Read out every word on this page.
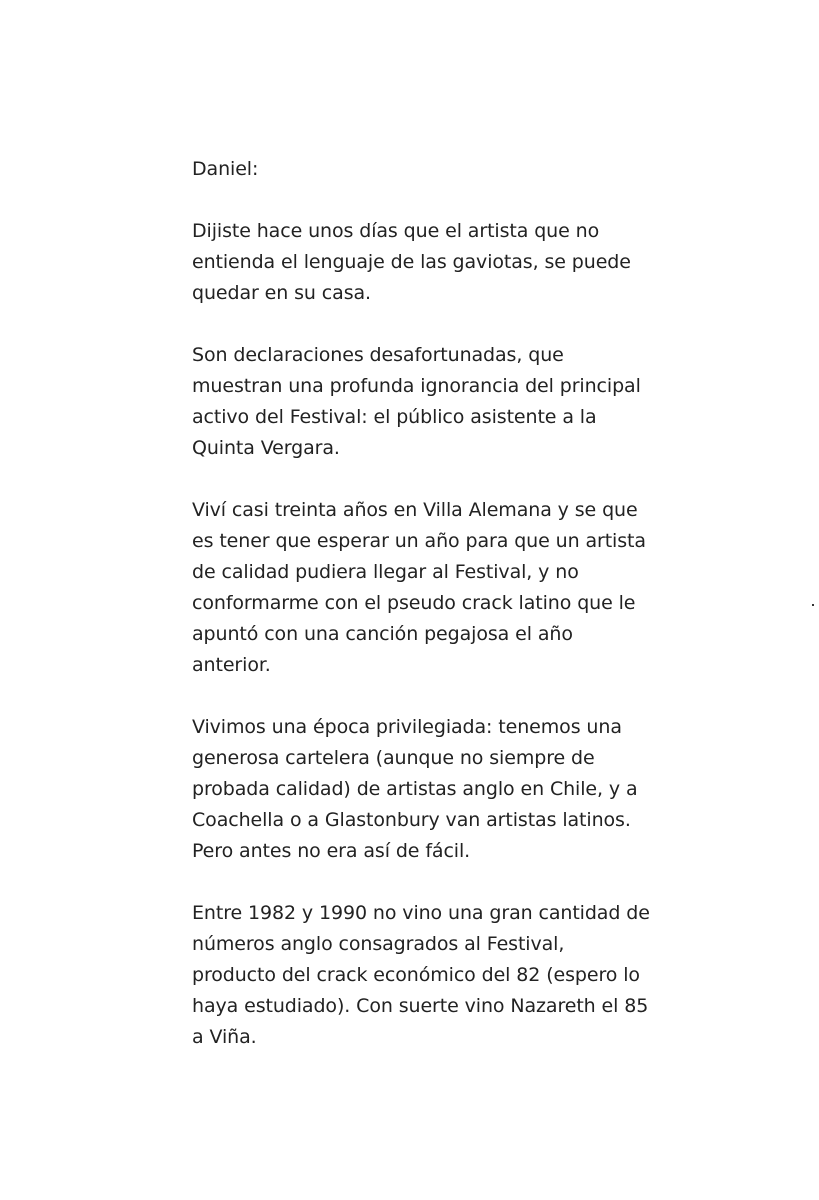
Daniel:

Dijiste hace unos días que el artista que no
entienda el lenguaje de las gaviotas, se puede
quedar en su casa.

Son declaraciones desafortunadas, que
muestran una profunda ignorancia del principal
activo del Festival: el público asistente a la
Quinta Vergara.

Viví casi treinta años en Villa Alemana y se que
es tener que esperar un año para que un artista
de calidad pudiera llegar al Festival, y no
conformarme con el pseudo crack latino que le
apuntó con una canción pegajosa el año
anterior.

Vivimos una época privilegiada: tenemos una
generosa cartelera (aunque no siempre de
probada calidad) de artistas anglo en Chile, y a
Coachella o a Glastonbury van artistas latinos.
Pero antes no era así de fácil.

Entre 1982 y 1990 no vino una gran cantidad de
números anglo consagrados al Festival,
producto del crack económico del 82 (espero lo
haya estudiado). Con suerte vino Nazareth el 85
a Viña.
